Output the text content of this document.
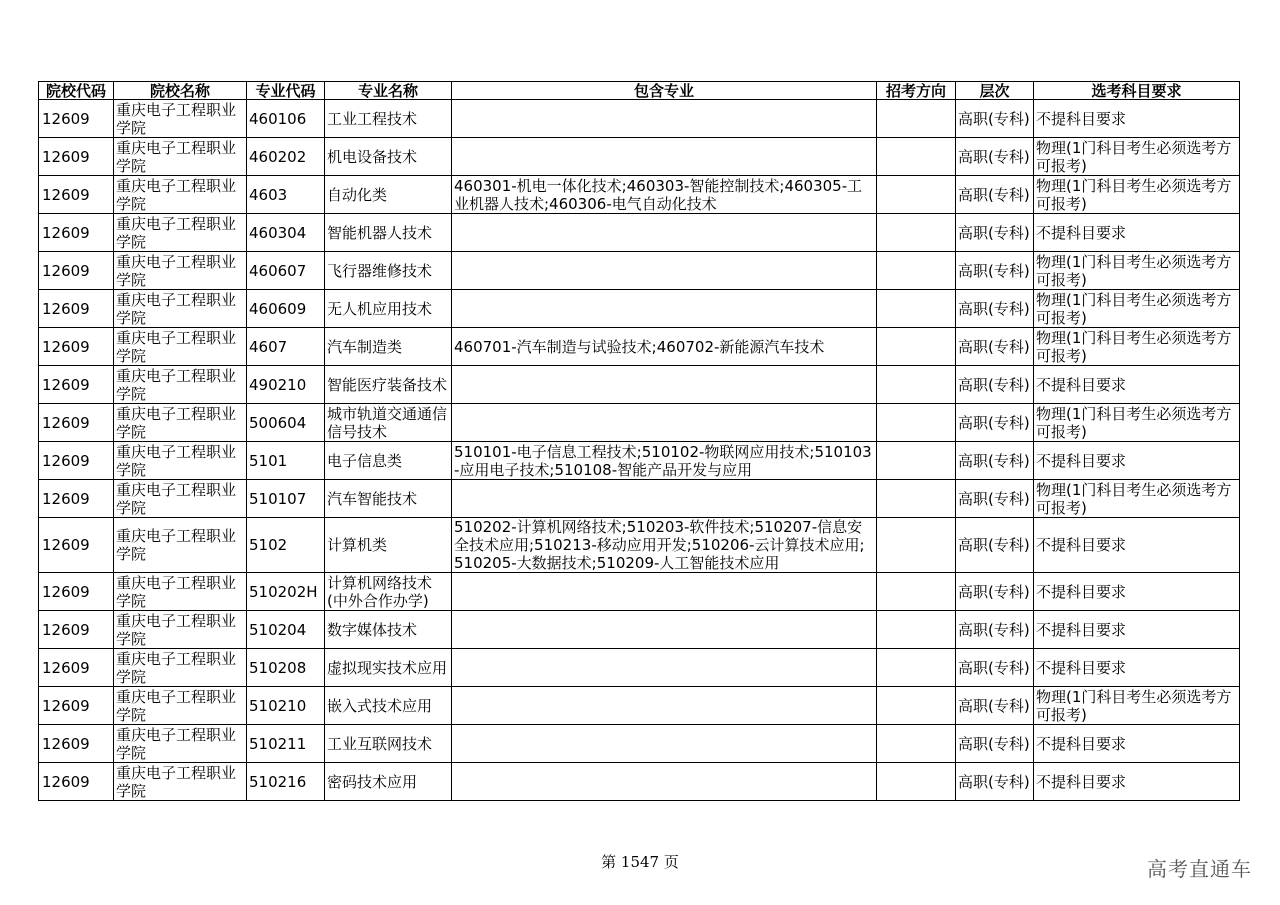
院校代码	院校名称	专业代码	专业名称	包含专业	招考方向	层次	选考科目要求
12609	重庆电子工程职业学院	460106	工业工程技术			高职(专科)	不提科目要求
12609	重庆电子工程职业学院	460202	机电设备技术			高职(专科)	物理(1门科目考生必须选考方可报考)
12609	重庆电子工程职业学院	4603	自动化类	460301-机电一体化技术;460303-智能控制技术;460305-工业机器人技术;460306-电气自动化技术		高职(专科)	物理(1门科目考生必须选考方可报考)
12609	重庆电子工程职业学院	460304	智能机器人技术			高职(专科)	不提科目要求
12609	重庆电子工程职业学院	460607	飞行器维修技术			高职(专科)	物理(1门科目考生必须选考方可报考)
12609	重庆电子工程职业学院	460609	无人机应用技术			高职(专科)	物理(1门科目考生必须选考方可报考)
12609	重庆电子工程职业学院	4607	汽车制造类	460701-汽车制造与试验技术;460702-新能源汽车技术		高职(专科)	物理(1门科目考生必须选考方可报考)
12609	重庆电子工程职业学院	490210	智能医疗装备技术			高职(专科)	不提科目要求
12609	重庆电子工程职业学院	500604	城市轨道交通通信信号技术			高职(专科)	物理(1门科目考生必须选考方可报考)
12609	重庆电子工程职业学院	5101	电子信息类	510101-电子信息工程技术;510102-物联网应用技术;510103-应用电子技术;510108-智能产品开发与应用		高职(专科)	不提科目要求
12609	重庆电子工程职业学院	510107	汽车智能技术			高职(专科)	物理(1门科目考生必须选考方可报考)
12609	重庆电子工程职业学院	5102	计算机类	510202-计算机网络技术;510203-软件技术;510207-信息安全技术应用;510213-移动应用开发;510206-云计算技术应用;510205-大数据技术;510209-人工智能技术应用		高职(专科)	不提科目要求
12609	重庆电子工程职业学院	510202H	计算机网络技术(中外合作办学)			高职(专科)	不提科目要求
12609	重庆电子工程职业学院	510204	数字媒体技术			高职(专科)	不提科目要求
12609	重庆电子工程职业学院	510208	虚拟现实技术应用			高职(专科)	不提科目要求
12609	重庆电子工程职业学院	510210	嵌入式技术应用			高职(专科)	物理(1门科目考生必须选考方可报考)
12609	重庆电子工程职业学院	510211	工业互联网技术			高职(专科)	不提科目要求
12609	重庆电子工程职业学院	510216	密码技术应用			高职(专科)	不提科目要求
第 1547 页	高考直通车
